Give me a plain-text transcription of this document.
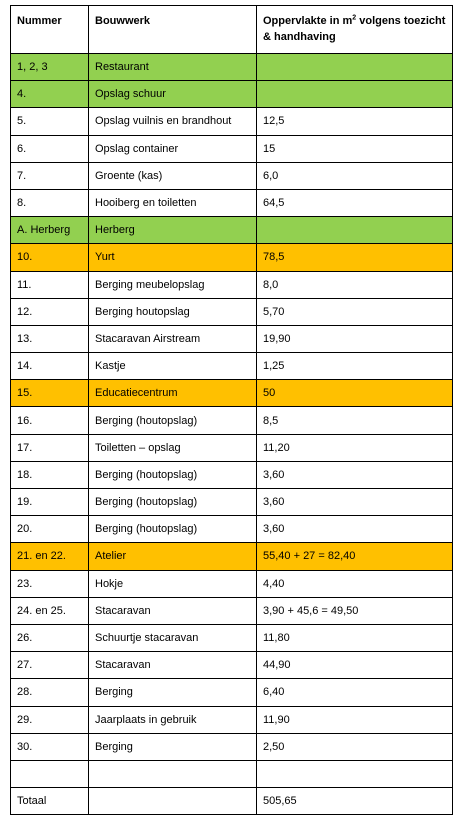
Nummer	Bouwwerk	Oppervlakte in $m^2$ volgens toezicht & handhaving
1, 2, 3	Restaurant	
4.	Opslag schuur	
5.	Opslag vuilnis en brandhout	12,5
6.	Opslag container	15
7.	Groente (kas)	6,0
8.	Hooiberg en toiletten	64,5
A. Herberg	Herberg	
10.	Yurt	78,5
11.	Berging meubelopslag	8,0
12.	Berging houtopslag	5,70
13.	Stacaravan Airstream	19,90
14.	Kastje	1,25
15.	Educatiecentrum	50
16.	Berging (houtopslag)	8,5
17.	Toiletten – opslag	11,20
18.	Berging (houtopslag)	3,60
19.	Berging (houtopslag)	3,60
20.	Berging (houtopslag)	3,60
21. en 22.	Atelier	55,40 + 27 = 82,40
23.	Hokje	4,40
24. en 25.	Stacaravan	3,90 + 45,6 = 49,50
26.	Schuurtje stacaravan	11,80
27.	Stacaravan	44,90
28.	Berging	6,40
29.	Jaarplaats in gebruik	11,90
30.	Berging	2,50

Totaal		505,65
